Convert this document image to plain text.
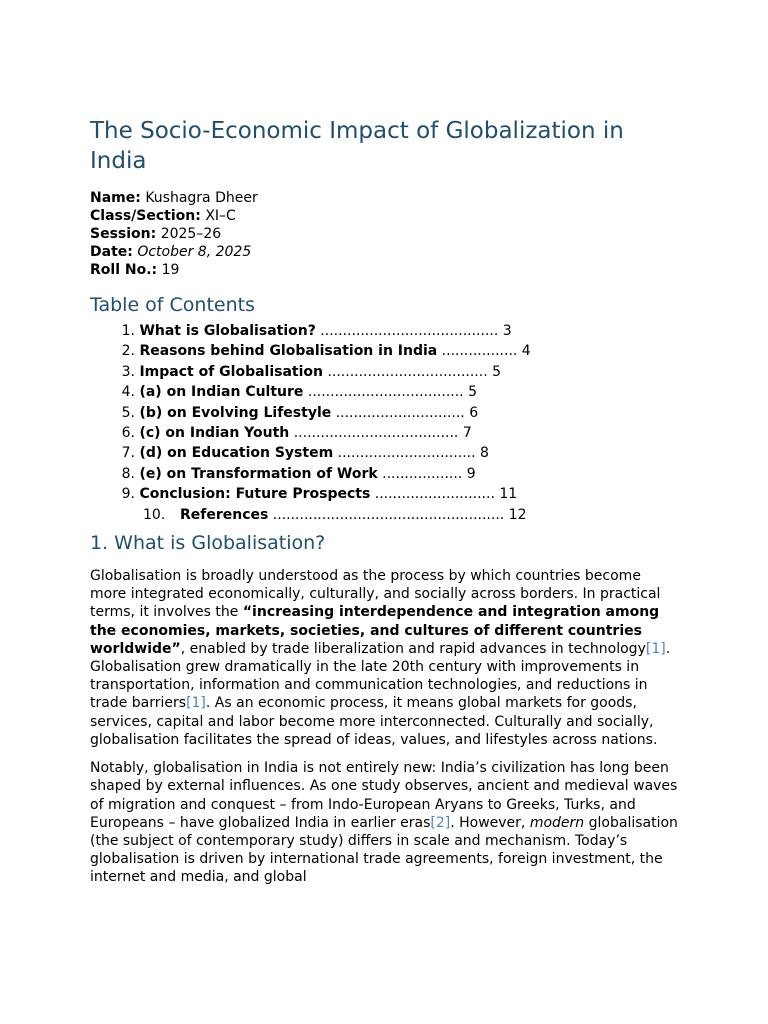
The Socio-Economic Impact of Globalization in India
Name: Kushagra Dheer
Class/Section: XI–C
Session: 2025–26
Date: October 8, 2025
Roll No.: 19
Table of Contents
1.
What is Globalisation? ........................................ 3
2.
Reasons behind Globalisation in India ................. 4
3.
Impact of Globalisation .................................... 5
4.
(a) on Indian Culture ................................... 5
5.
(b) on Evolving Lifestyle ............................. 6
6.
(c) on Indian Youth ..................................... 7
7.
(d) on Education System ............................... 8
8.
(e) on Transformation of Work .................. 9
9.
Conclusion: Future Prospects ........................... 11
10.	References .................................................... 12
1. What is Globalisation?

Globalisation is broadly understood as the process by which countries become more integrated economically, culturally, and socially across borders. In practical terms, it involves the “increasing interdependence and integration among the economies, markets, societies, and cultures of different countries worldwide”, enabled by trade liberalization and rapid advances in technology[1]. Globalisation grew dramatically in the late 20th century with improvements in transportation, information and communication technologies, and reductions in trade barriers[1]. As an economic process, it means global markets for goods, services, capital and labor become more interconnected. Culturally and socially, globalisation facilitates the spread of ideas, values, and lifestyles across nations.

Notably, globalisation in India is not entirely new: India’s civilization has long been shaped by external influences. As one study observes, ancient and medieval waves of migration and conquest – from Indo-European Aryans to Greeks, Turks, and Europeans – have globalized India in earlier eras[2]. However, modern globalisation (the subject of contemporary study) differs in scale and mechanism. Today’s globalisation is driven by international trade agreements, foreign investment, the internet and media, and global
